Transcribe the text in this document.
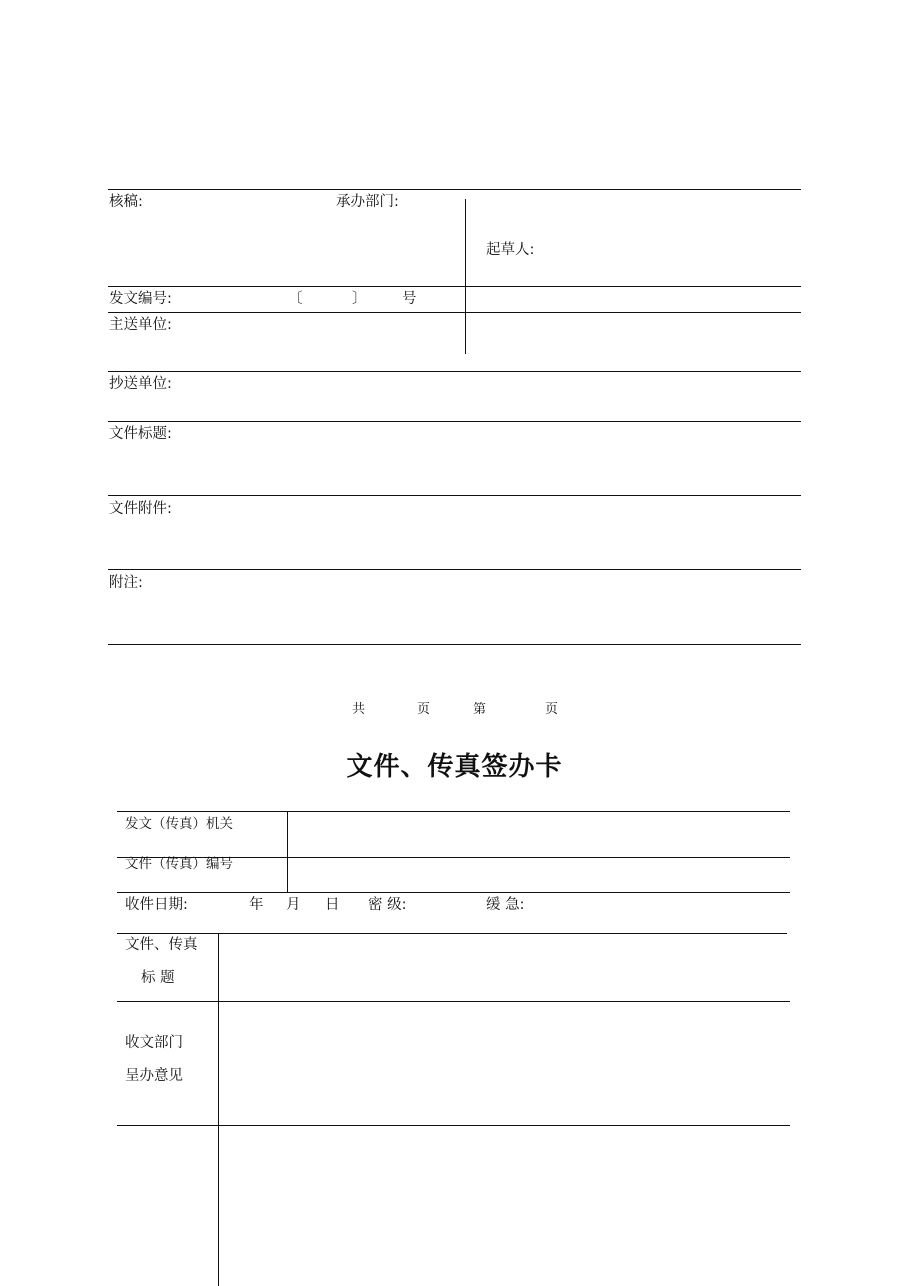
核稿:	承办部门:
起草人:
发文编号:	〔	〕 号
主送单位:
抄送单位:
文件标题:
文件附件:
附注:
共	页	第	页
文件、传真签办卡
发文（传真）机关
文件（传真）编号
收件日期:	年 月 日 密 级:	缓 急:
文件、传真
标 题
收文部门
呈办意见
